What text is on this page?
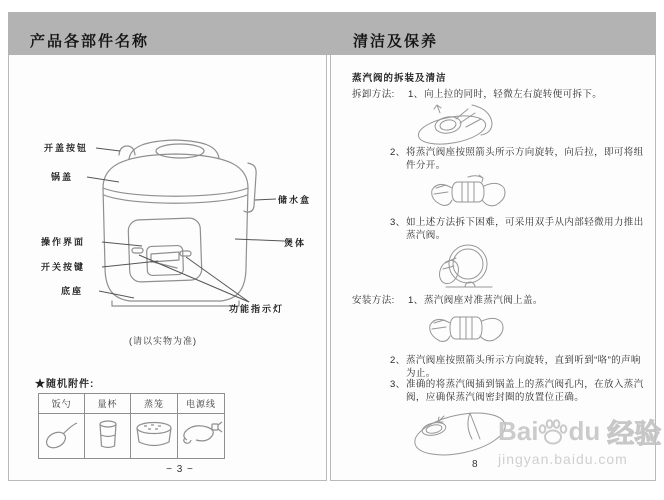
产品各部件名称	清洁及保养
开盖按钮
锅盖
操作界面
开关按键
底座
储水盒
煲体
功能指示灯
(请以实物为准)
★随机附件:
饭勺	量杯	蒸笼	电源线

− 3 −
蒸汽阀的拆装及清洁
拆卸方法:	1、 向上拉的同时，轻微左右旋转便可拆下。
2、 将蒸汽阀座按照箭头所示方向旋转，向后拉，即可将组件分开。
3、 如上述方法拆下困难，可采用双手从内部轻微用力推出蒸汽阀。
安装方法:	1、 蒸汽阀座对准蒸汽阀上盖。
2、 蒸汽阀座按照箭头所示方向旋转，直到听到“咯”的声响为止。
3、 准确的将蒸汽阀插到锅盖上的蒸汽阀孔内，在放入蒸汽阀，应确保蒸汽阀密封圈的放置位正确。
Bai du 经验
jingyan.baidu.com
8
